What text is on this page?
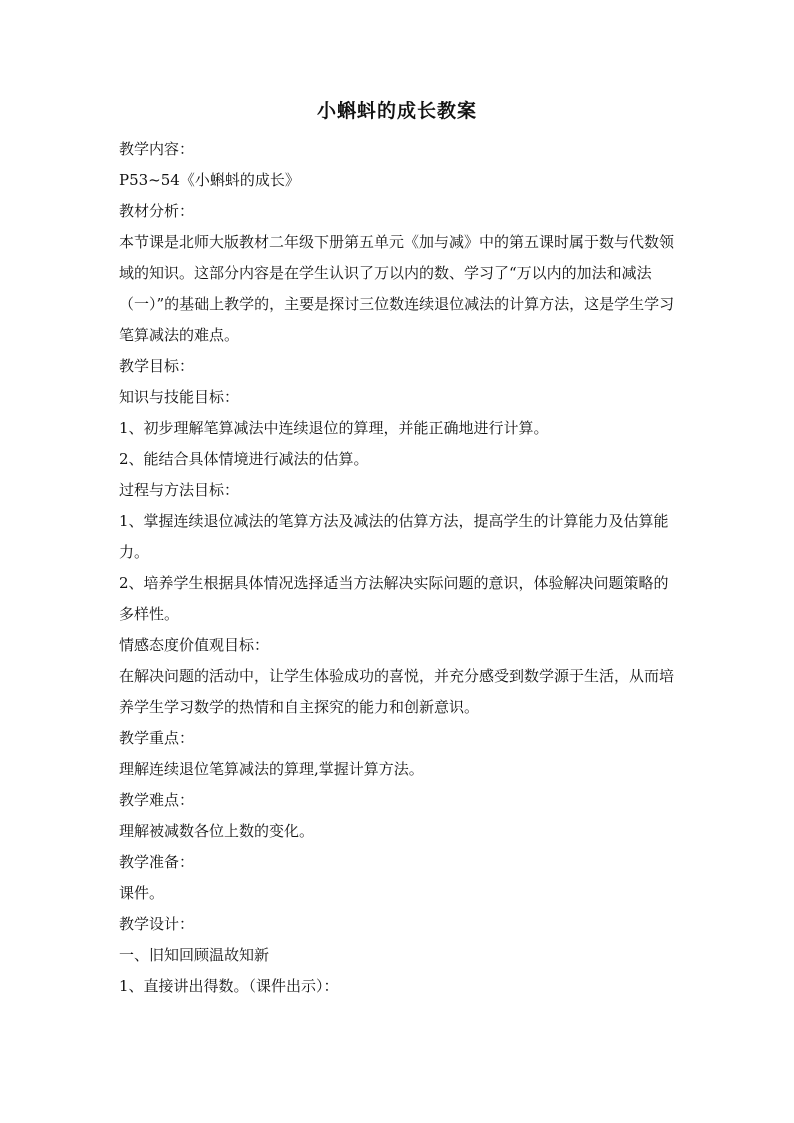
小蝌蚪的成长教案
教学内容：
P53~54《小蝌蚪的成长》
教材分析：
本节课是北师大版教材二年级下册第五单元《加与减》中的第五课时属于数与代数领域的知识。这部分内容是在学生认识了万以内的数、学习了“万以内的加法和减法（一）”的基础上教学的，主要是探讨三位数连续退位减法的计算方法，这是学生学习笔算减法的难点。
教学目标：
知识与技能目标：
1、初步理解笔算减法中连续退位的算理，并能正确地进行计算。
2、能结合具体情境进行减法的估算。
过程与方法目标：
1、掌握连续退位减法的笔算方法及减法的估算方法，提高学生的计算能力及估算能力。
2、培养学生根据具体情况选择适当方法解决实际问题的意识，体验解决问题策略的多样性。
情感态度价值观目标：
在解决问题的活动中，让学生体验成功的喜悦，并充分感受到数学源于生活，从而培养学生学习数学的热情和自主探究的能力和创新意识。
教学重点：
理解连续退位笔算减法的算理,掌握计算方法。
教学难点：
理解被减数各位上数的变化。
教学准备：
课件。
教学设计：
一、旧知回顾温故知新
1、直接讲出得数。（课件出示）：
